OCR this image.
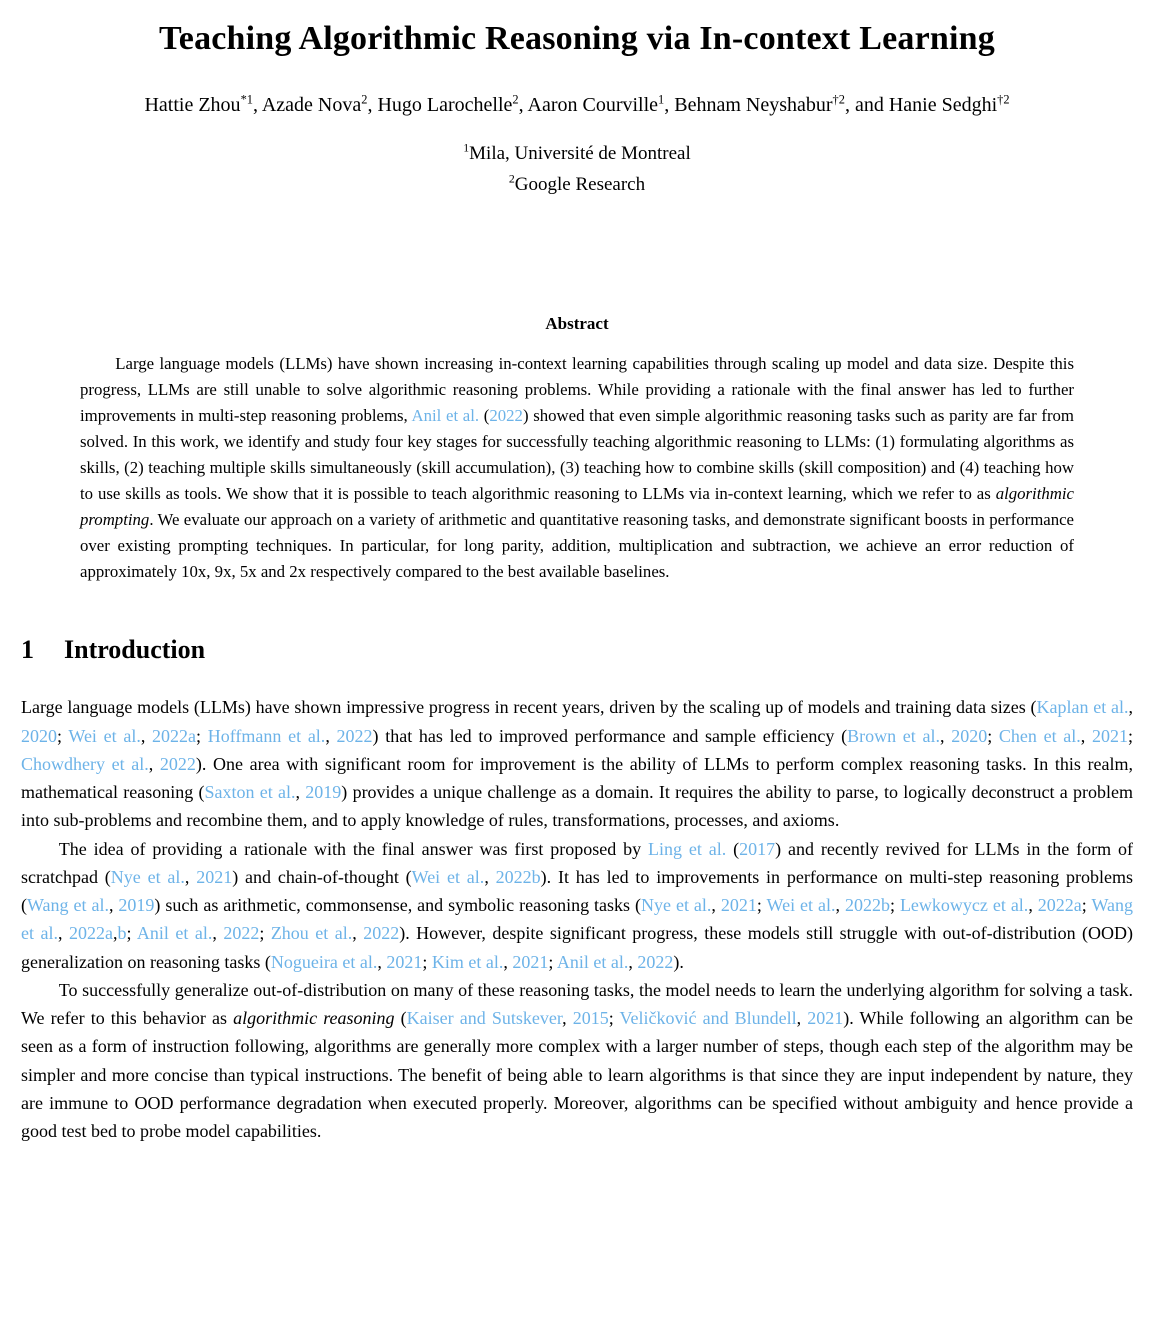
Teaching Algorithmic Reasoning via In-context Learning
Hattie Zhou$^{*1}$, Azade Nova$^2$, Hugo Larochelle$^2$, Aaron Courville$^1$, Behnam Neyshabur$^{\dagger 2}$, and Hanie Sedghi$^{\dagger 2}$
$^1$Mila, Université de Montreal
$^2$Google Research
Abstract

Large language models (LLMs) have shown increasing in-context learning capabilities through scaling up model and data size. Despite this progress, LLMs are still unable to solve algorithmic reasoning problems. While providing a rationale with the final answer has led to further improvements in multi-step reasoning problems, Anil et al. (2022) showed that even simple algorithmic reasoning tasks such as parity are far from solved. In this work, we identify and study four key stages for successfully teaching algorithmic reasoning to LLMs: (1) formulating algorithms as skills, (2) teaching multiple skills simultaneously (skill accumulation), (3) teaching how to combine skills (skill composition) and (4) teaching how to use skills as tools. We show that it is possible to teach algorithmic reasoning to LLMs via in-context learning, which we refer to as algorithmic prompting. We evaluate our approach on a variety of arithmetic and quantitative reasoning tasks, and demonstrate significant boosts in performance over existing prompting techniques. In particular, for long parity, addition, multiplication and subtraction, we achieve an error reduction of approximately 10x, 9x, 5x and 2x respectively compared to the best available baselines.

1 Introduction

Large language models (LLMs) have shown impressive progress in recent years, driven by the scaling up of models and training data sizes (Kaplan et al., 2020; Wei et al., 2022a; Hoffmann et al., 2022) that has led to improved performance and sample efficiency (Brown et al., 2020; Chen et al., 2021; Chowdhery et al., 2022). One area with significant room for improvement is the ability of LLMs to perform complex reasoning tasks. In this realm, mathematical reasoning (Saxton et al., 2019) provides a unique challenge as a domain. It requires the ability to parse, to logically deconstruct a problem into sub-problems and recombine them, and to apply knowledge of rules, transformations, processes, and axioms.

The idea of providing a rationale with the final answer was first proposed by Ling et al. (2017) and recently revived for LLMs in the form of scratchpad (Nye et al., 2021) and chain-of-thought (Wei et al., 2022b). It has led to improvements in performance on multi-step reasoning problems (Wang et al., 2019) such as arithmetic, commonsense, and symbolic reasoning tasks (Nye et al., 2021; Wei et al., 2022b; Lewkowycz et al., 2022a; Wang et al., 2022a,b; Anil et al., 2022; Zhou et al., 2022). However, despite significant progress, these models still struggle with out-of-distribution (OOD) generalization on reasoning tasks (Nogueira et al., 2021; Kim et al., 2021; Anil et al., 2022).

To successfully generalize out-of-distribution on many of these reasoning tasks, the model needs to learn the underlying algorithm for solving a task. We refer to this behavior as algorithmic reasoning (Kaiser and Sutskever, 2015; Veličković and Blundell, 2021). While following an algorithm can be seen as a form of instruction following, algorithms are generally more complex with a larger number of steps, though each step of the algorithm may be simpler and more concise than typical instructions. The benefit of being able to learn algorithms is that since they are input independent by nature, they are immune to OOD performance degradation when executed properly. Moreover, algorithms can be specified without ambiguity and hence provide a good test bed to probe model capabilities.
